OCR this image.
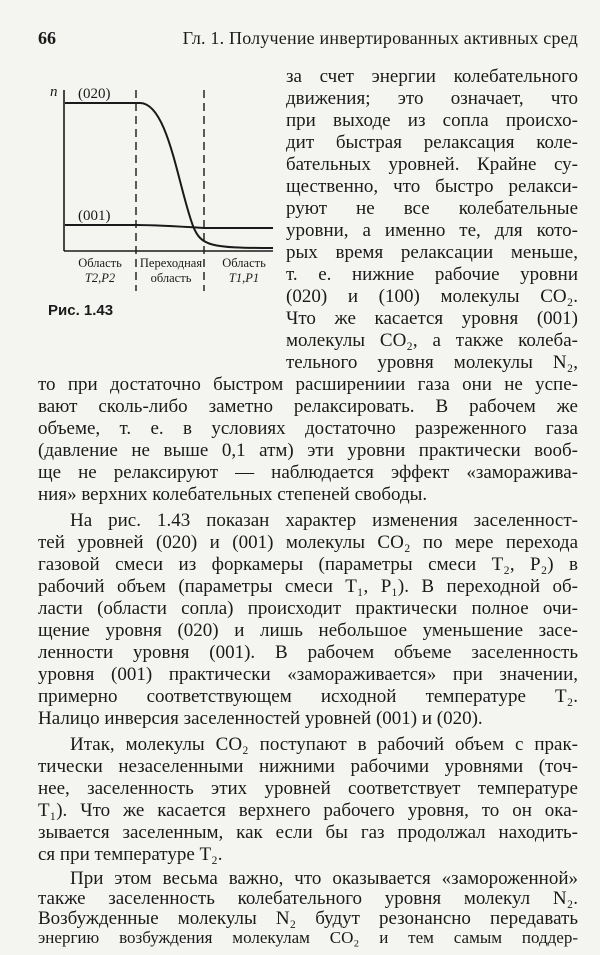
66	Гл. 1. Получение инвертированных активных сред
n (020)
(001)
Область
T2,P2
Переходная
область
Область
T1,P1
Рис. 1.43
за счет энергии колебательного
движения; это означает, что
при выходе из сопла происхо-
дит быстрая релаксация коле-
бательных уровней. Крайне су-
щественно, что быстро релакси-
руют не все колебательные
уровни, а именно те, для кото-
рых время релаксации меньше,
т. е. нижние рабочие уровни
(020) и (100) молекулы CO₂.
Что же касается уровня (001)
молекулы CO₂, а также колеба-
тельного уровня молекулы N₂,
то при достаточно быстром расширениии газа они не успе-
вают сколь-либо заметно релаксировать. В рабочем же
объеме, т. е. в условиях достаточно разреженного газа
(давление не выше 0,1 атм) эти уровни практически вооб-
ще не релаксируют — наблюдается эффект «заморажива-
ния» верхних колебательных степеней свободы.
На рис. 1.43 показан характер изменения заселенност-
тей уровней (020) и (001) молекулы CO₂ по мере перехода
газовой смеси из форкамеры (параметры смеси T₂, P₂) в
рабочий объем (параметры смеси T₁, P₁). В переходной об-
ласти (области сопла) происходит практически полное очи-
щение уровня (020) и лишь небольшое уменьшение засе-
ленности уровня (001). В рабочем объеме заселенность
уровня (001) практически «замораживается» при значении,
примерно соответствующем исходной температуре T₂.
Налицо инверсия заселенностей уровней (001) и (020).
Итак, молекулы CO₂ поступают в рабочий объем с прак-
тически незаселенными нижними рабочими уровнями (точ-
нее, заселенность этих уровней соответствует температуре
T₁). Что же касается верхнего рабочего уровня, то он ока-
зывается заселенным, как если бы газ продолжал находить-
ся при температуре T₂.
При этом весьма важно, что оказывается «замороженной»
также заселенность колебательного уровня молекул N₂.
Возбужденные молекулы N₂ будут резонансно передавать
энергию возбуждения молекулам CO₂ и тем самым поддер-
